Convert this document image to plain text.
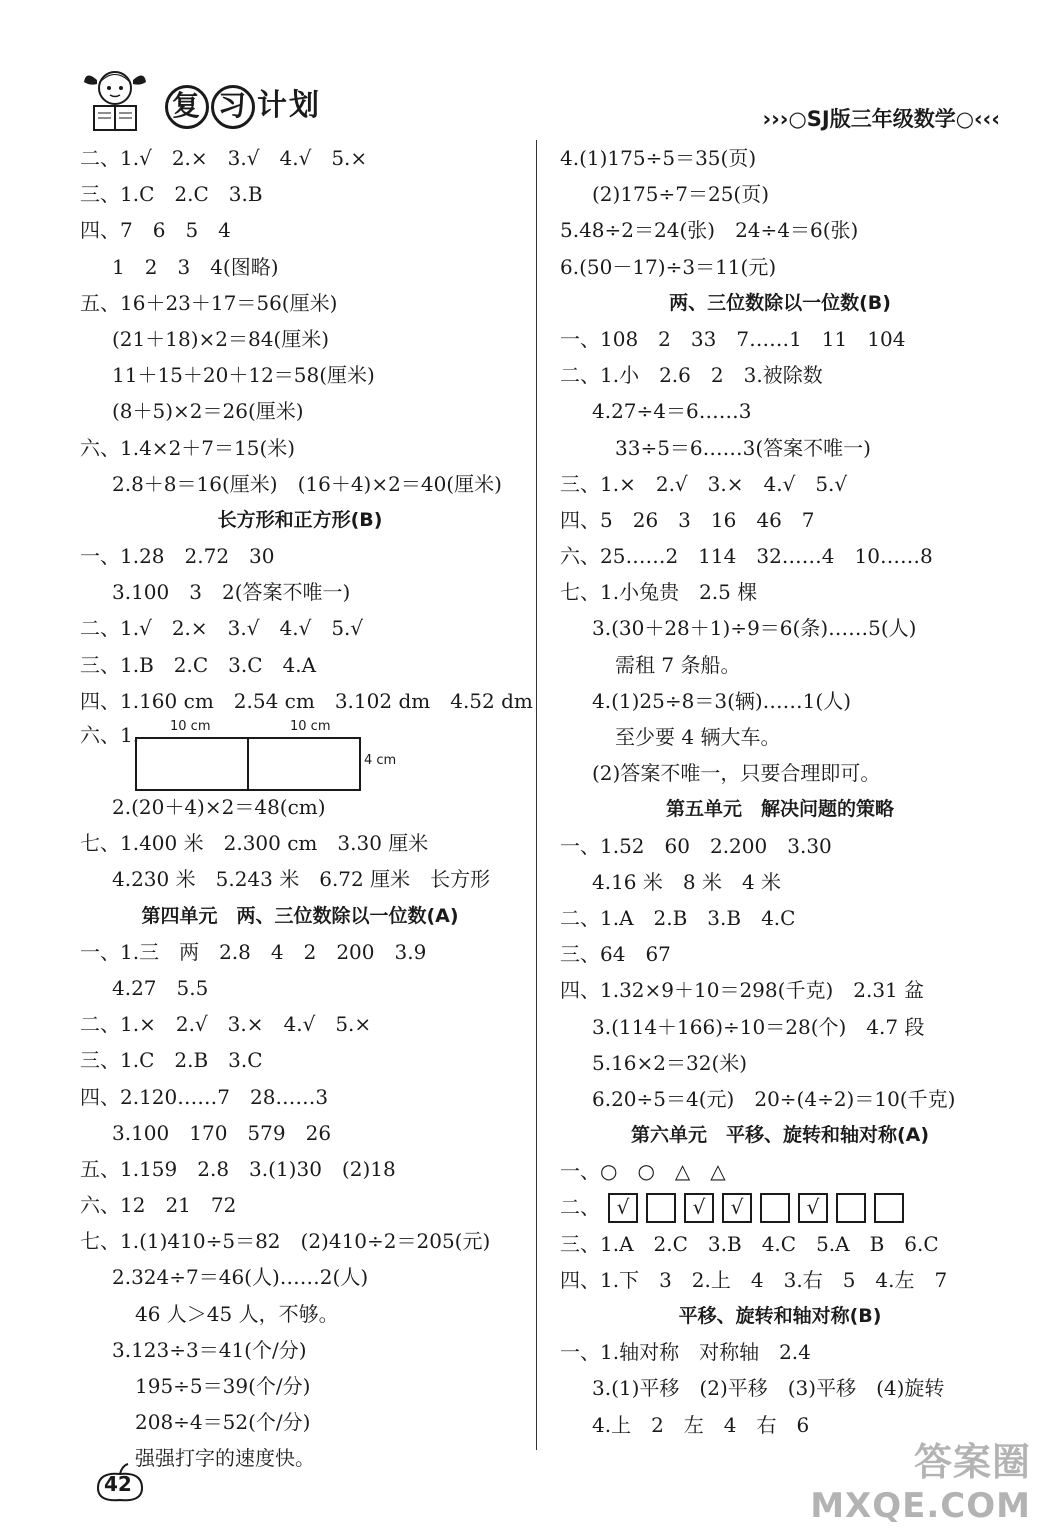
复 习 计划	›››○SJ版三年级数学○‹‹‹
二、1.√　2.×　3.√　4.√　5.×
三、1.C　2.C　3.B
四、7　6　5　4
1　2　3　4(图略)
五、16＋23＋17＝56(厘米)
(21＋18)×2＝84(厘米)
11＋15＋20＋12＝58(厘米)
(8＋5)×2＝26(厘米)
六、1.4×2＋7＝15(米)
2.8＋8＝16(厘米)　(16＋4)×2＝40(厘米)
长方形和正方形(B)
一、1.28　2.72　30
3.100　3　2(答案不唯一)
二、1.√　2.×　3.√　4.√　5.√
三、1.B　2.C　3.C　4.A
四、1.160 cm　2.54 cm　3.102 dm　4.52 dm
六、1. 10 cm	10 cm
4 cm
2.(20＋4)×2＝48(cm)
七、1.400 米　2.300 cm　3.30 厘米
4.230 米　5.243 米　6.72 厘米　长方形
第四单元　两、三位数除以一位数(A)
一、1.三　两　2.8　4　2　200　3.9
4.27　5.5
二、1.×　2.√　3.×　4.√　5.×
三、1.C　2.B　3.C
四、2.120……7　28……3
3.100　170　579　26
五、1.159　2.8　3.(1)30　(2)18
六、12　21　72
七、1.(1)410÷5＝82　(2)410÷2＝205(元)
2.324÷7＝46(人)……2(人)
46 人＞45 人，不够。
3.123÷3＝41(个/分)
195÷5＝39(个/分)
208÷4＝52(个/分)
强强打字的速度快。
4.(1)175÷5＝35(页)
(2)175÷7＝25(页)
5.48÷2＝24(张)　24÷4＝6(张)
6.(50－17)÷3＝11(元)
两、三位数除以一位数(B)
一、108　2　33　7……1　11　104
二、1.小　2.6　2　3.被除数
4.27÷4＝6……3
33÷5＝6……3(答案不唯一)
三、1.×　2.√　3.×　4.√　5.√
四、5　26　3　16　46　7
六、25……2　114　32……4　10……8
七、1.小兔贵　2.5 棵
3.(30＋28＋1)÷9＝6(条)……5(人)
需租 7 条船。
4.(1)25÷8＝3(辆)……1(人)
至少要 4 辆大车。
(2)答案不唯一，只要合理即可。
第五单元　解决问题的策略
一、1.52　60　2.200　3.30
4.16 米　8 米　4 米
二、1.A　2.B　3.B　4.C
三、64　67
四、1.32×9＋10＝298(千克)　2.31 盆
3.(114＋166)÷10＝28(个)　4.7 段
5.16×2＝32(米)
6.20÷5＝4(元)　20÷(4÷2)＝10(千克)
第六单元　平移、旋转和轴对称(A)
一、○　○　△　△
二、 √	√	√	√
三、1.A　2.C　3.B　4.C　5.A　B　6.C
四、1.下　3　2.上　4　3.右　5　4.左　7
平移、旋转和轴对称(B)
一、1.轴对称　对称轴　2.4
3.(1)平移　(2)平移　(3)平移　(4)旋转
4.上　2　左　4　右　6
42	答案圈
MXQE.COM
